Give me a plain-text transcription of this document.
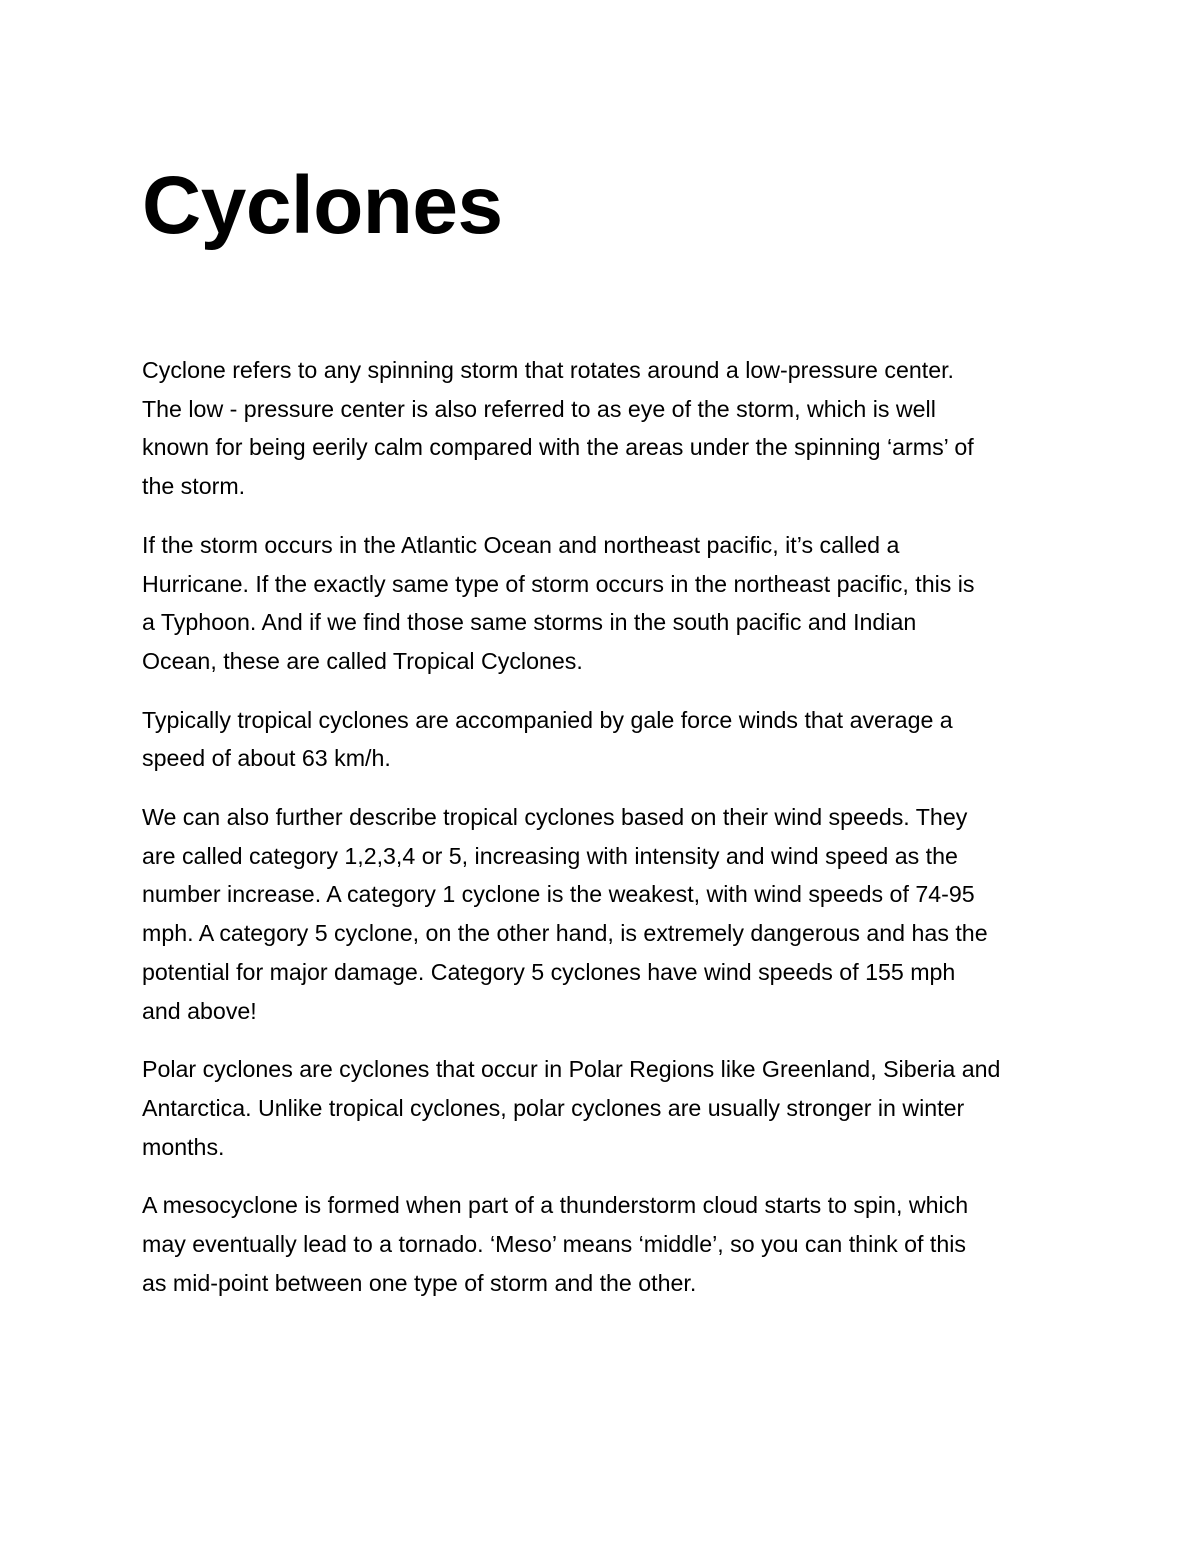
Cyclones

Cyclone refers to any spinning storm that rotates around a low-pressure center.
The low - pressure center is also referred to as eye of the storm, which is well
known for being eerily calm compared with the areas under the spinning ‘arms’ of
the storm.

If the storm occurs in the Atlantic Ocean and northeast pacific, it’s called a
Hurricane. If the exactly same type of storm occurs in the northeast pacific, this is
a Typhoon. And if we find those same storms in the south pacific and Indian
Ocean, these are called Tropical Cyclones.

Typically tropical cyclones are accompanied by gale force winds that average a
speed of about 63 km/h.

We can also further describe tropical cyclones based on their wind speeds. They
are called category 1,2,3,4 or 5, increasing with intensity and wind speed as the
number increase. A category 1 cyclone is the weakest, with wind speeds of 74-95
mph. A category 5 cyclone, on the other hand, is extremely dangerous and has the
potential for major damage. Category 5 cyclones have wind speeds of 155 mph
and above!

Polar cyclones are cyclones that occur in Polar Regions like Greenland, Siberia and
Antarctica. Unlike tropical cyclones, polar cyclones are usually stronger in winter
months.

A mesocyclone is formed when part of a thunderstorm cloud starts to spin, which
may eventually lead to a tornado. ‘Meso’ means ‘middle’, so you can think of this
as mid-point between one type of storm and the other.
